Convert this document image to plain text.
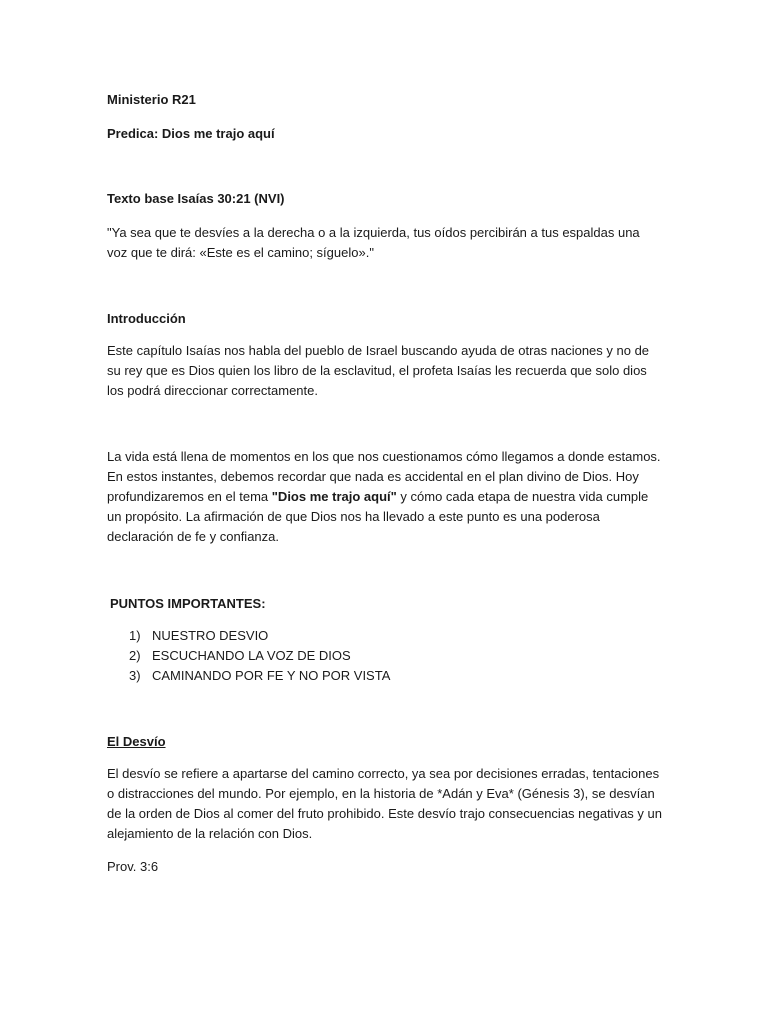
Ministerio R21

Predica: Dios me trajo aquí

Texto base Isaías 30:21 (NVI)

"Ya sea que te desvíes a la derecha o a la izquierda, tus oídos percibirán a tus espaldas una voz que te dirá: «Este es el camino; síguelo»."

Introducción

Este capítulo Isaías nos habla del pueblo de Israel buscando ayuda de otras naciones y no de su rey que es Dios quien los libro de la esclavitud, el profeta Isaías les recuerda que solo dios los podrá direccionar correctamente.

La vida está llena de momentos en los que nos cuestionamos cómo llegamos a donde estamos. En estos instantes, debemos recordar que nada es accidental en el plan divino de Dios. Hoy profundizaremos en el tema "Dios me trajo aquí" y cómo cada etapa de nuestra vida cumple un propósito. La afirmación de que Dios nos ha llevado a este punto es una poderosa declaración de fe y confianza.

PUNTOS IMPORTANTES:

1) NUESTRO DESVIO
2) ESCUCHANDO LA VOZ DE DIOS
3) CAMINANDO POR FE Y NO POR VISTA

El Desvío

El desvío se refiere a apartarse del camino correcto, ya sea por decisiones erradas, tentaciones o distracciones del mundo. Por ejemplo, en la historia de *Adán y Eva* (Génesis 3), se desvían de la orden de Dios al comer del fruto prohibido. Este desvío trajo consecuencias negativas y un alejamiento de la relación con Dios.

Prov. 3:6
